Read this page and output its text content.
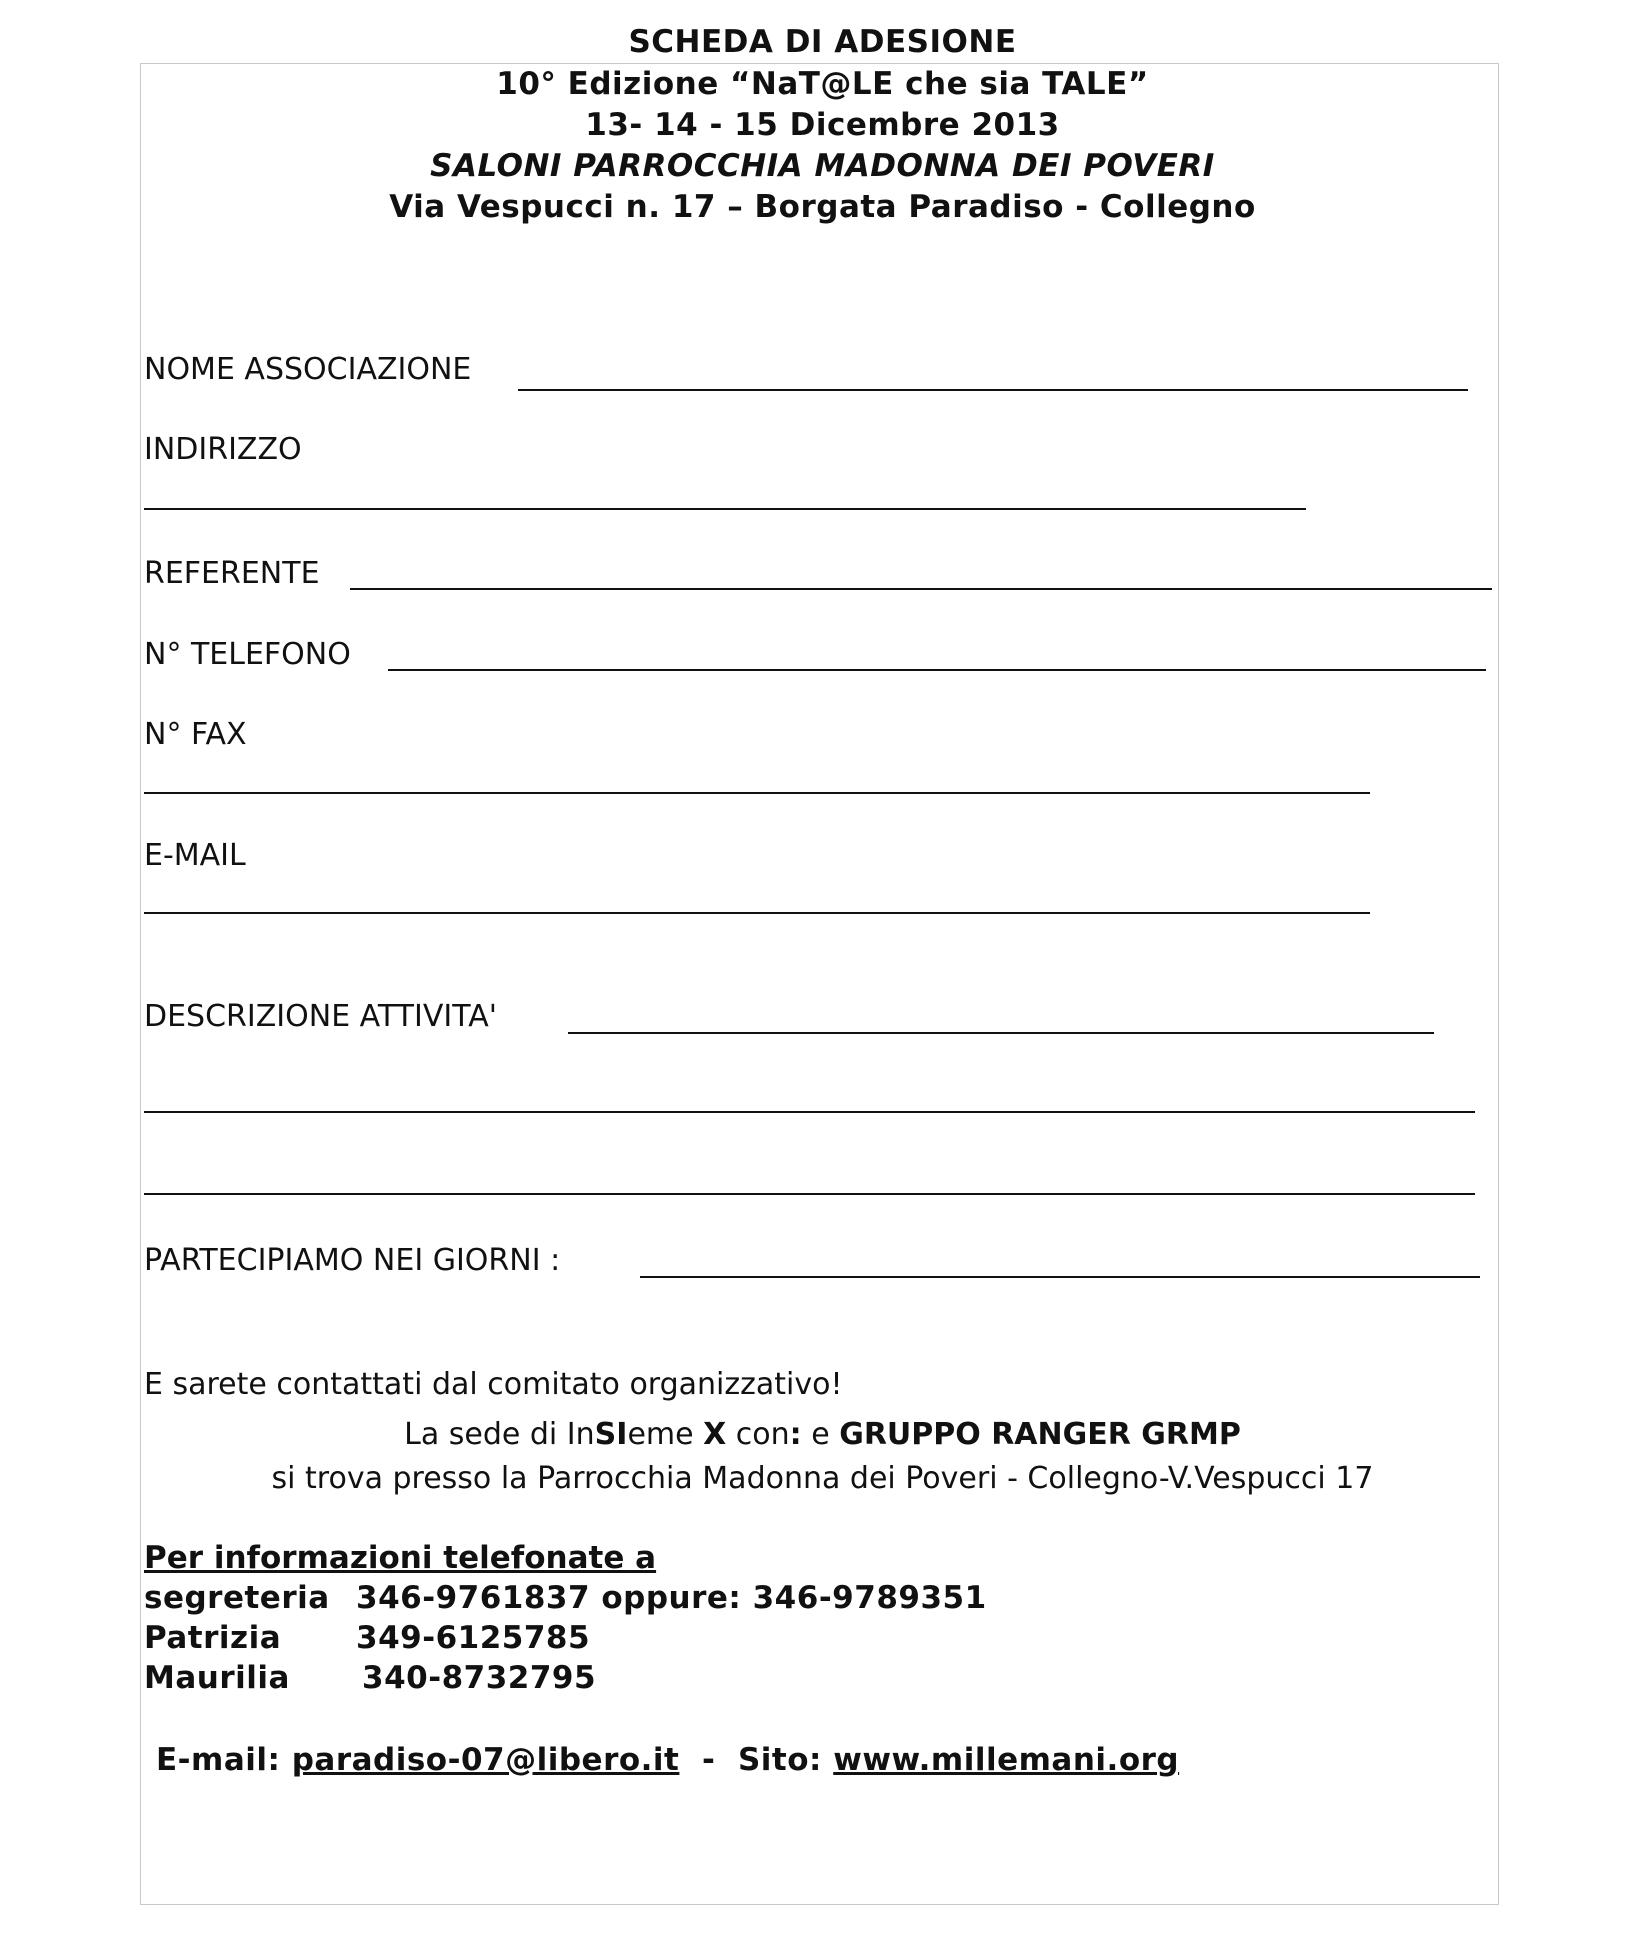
SCHEDA DI ADESIONE
10° Edizione “NaT@LE che sia TALE”
13- 14 - 15 Dicembre 2013
SALONI PARROCCHIA MADONNA DEI POVERI
Via Vespucci n. 17 – Borgata Paradiso - Collegno
NOME ASSOCIAZIONE
INDIRIZZO
REFERENTE
N° TELEFONO
N° FAX
E-MAIL
DESCRIZIONE ATTIVITA'
PARTECIPIAMO NEI GIORNI :
E sarete contattati dal comitato organizzativo!
La sede di InSIeme X con: e GRUPPO RANGER GRMP
si trova presso la Parrocchia Madonna dei Poveri - Collegno-V.Vespucci 17
Per informazioni telefonate a
segreteria 346-9761837 oppure: 346-9789351
Patrizia 349-6125785
Maurilia 340-8732795
E-mail: paradiso-07@libero.it - Sito: www.millemani.org
